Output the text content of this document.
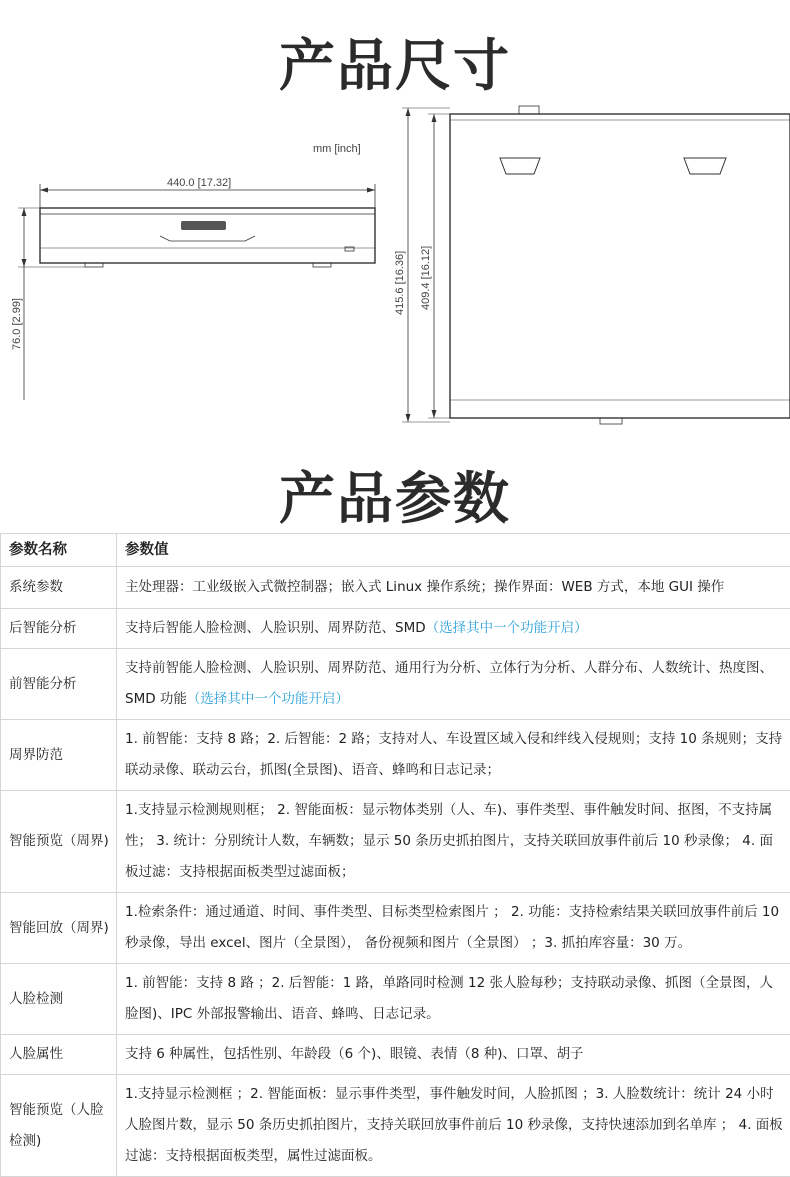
产品尺寸
mm [inch]
440.0 [17.32]
76.0 [2.99]
415.6 [16.36] 409.4 [16.12]
产品参数
参数名称	参数值
系统参数	主处理器：工业级嵌入式微控制器；嵌入式 Linux 操作系统；操作界面：WEB 方式，本地 GUI 操作
后智能分析	支持后智能人脸检测、人脸识别、周界防范、SMD（选择其中一个功能开启）
前智能分析	支持前智能人脸检测、人脸识别、周界防范、通用行为分析、立体行为分析、人群分布、人数统计、热度图、SMD 功能（选择其中一个功能开启）
周界防范	1. 前智能：支持 8 路；2. 后智能：2 路；支持对人、车设置区域入侵和绊线入侵规则；支持 10 条规则；支持联动录像、联动云台，抓图(全景图)、语音、蜂鸣和日志记录；
智能预览（周界)	1.支持显示检测规则框； 2. 智能面板：显示物体类别（人、车)、事件类型、事件触发时间、抠图，不支持属性； 3. 统计：分别统计人数，车辆数；显示 50 条历史抓拍图片，支持关联回放事件前后 10 秒录像； 4. 面板过滤：支持根据面板类型过滤面板；
智能回放（周界)	1.检索条件：通过通道、时间、事件类型、目标类型检索图片 ； 2. 功能：支持检索结果关联回放事件前后 10 秒录像，导出 excel、图片（全景图）， 备份视频和图片（全景图） ；3. 抓拍库容量：30 万。
人脸检测	1. 前智能：支持 8 路 ；2. 后智能：1 路，单路同时检测 12 张人脸每秒；支持联动录像、抓图（全景图，人脸图)、IPC 外部报警输出、语音、蜂鸣、日志记录。
人脸属性	支持 6 种属性，包括性别、年龄段（6 个)、眼镜、表情（8 种)、口罩、胡子
智能预览（人脸检测)	1.支持显示检测框 ；2. 智能面板：显示事件类型，事件触发时间，人脸抓图 ；3. 人脸数统计：统计 24 小时人脸图片数，显示 50 条历史抓拍图片，支持关联回放事件前后 10 秒录像，支持快速添加到名单库 ； 4. 面板过滤：支持根据面板类型，属性过滤面板。
